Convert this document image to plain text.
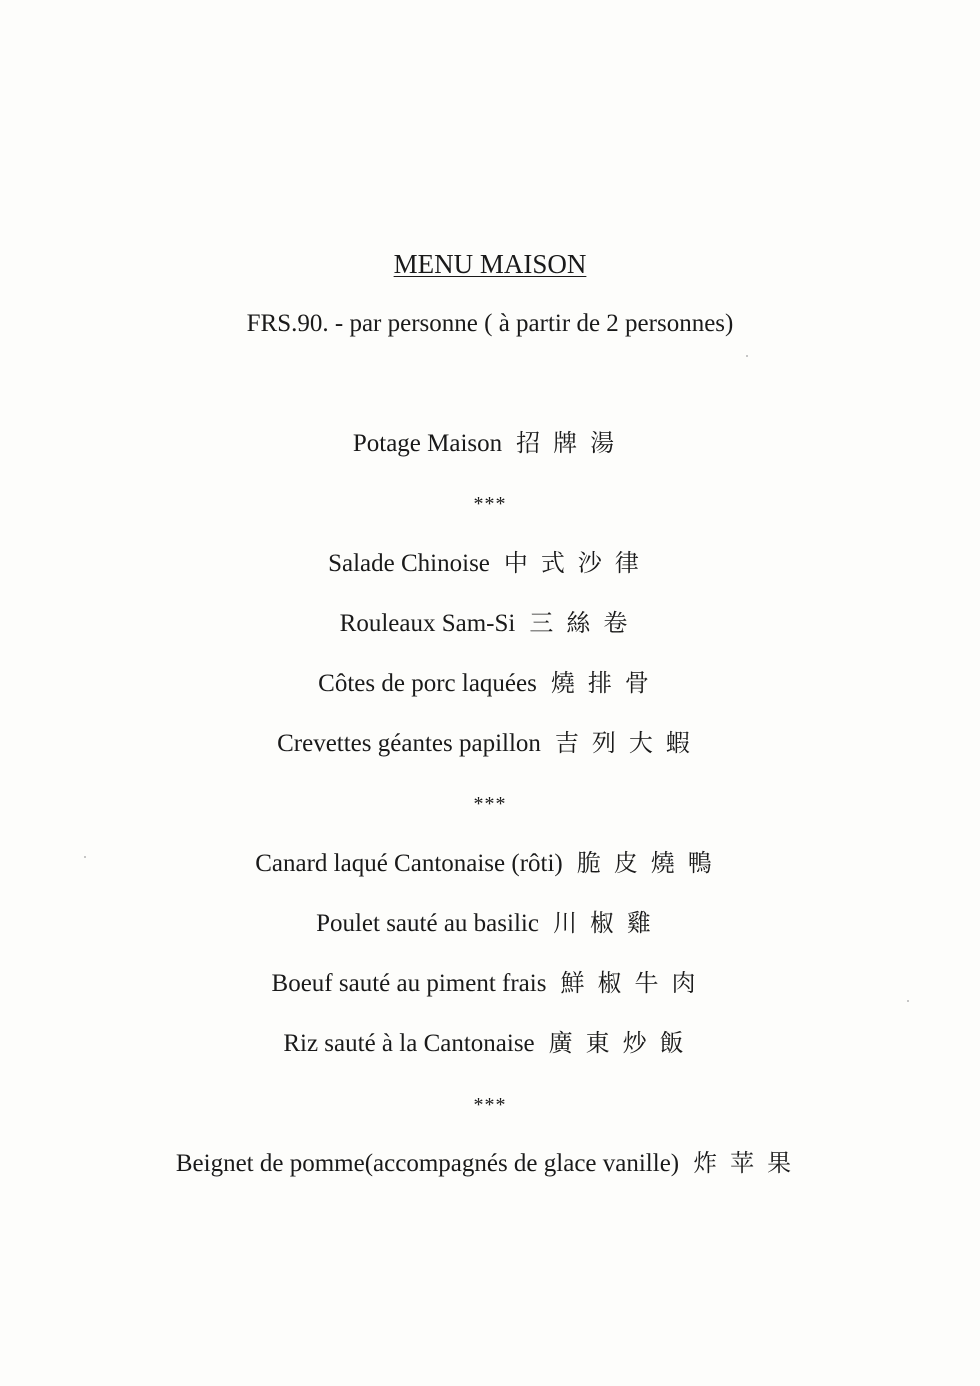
MENU MAISON
FRS.90. - par personne ( à partir de 2 personnes)
Potage Maison 招牌湯
***
Salade Chinoise 中式沙律
Rouleaux Sam-Si 三絲卷
Côtes de porc laquées 燒排骨
Crevettes géantes papillon 吉列大蝦
***
Canard laqué Cantonaise (rôti) 脆皮燒鴨
Poulet sauté au basilic 川椒雞
Boeuf sauté au piment frais 鮮椒牛肉
Riz sauté à la Cantonaise 廣東炒飯
***
Beignet de pomme(accompagnés de glace vanille) 炸苹果
